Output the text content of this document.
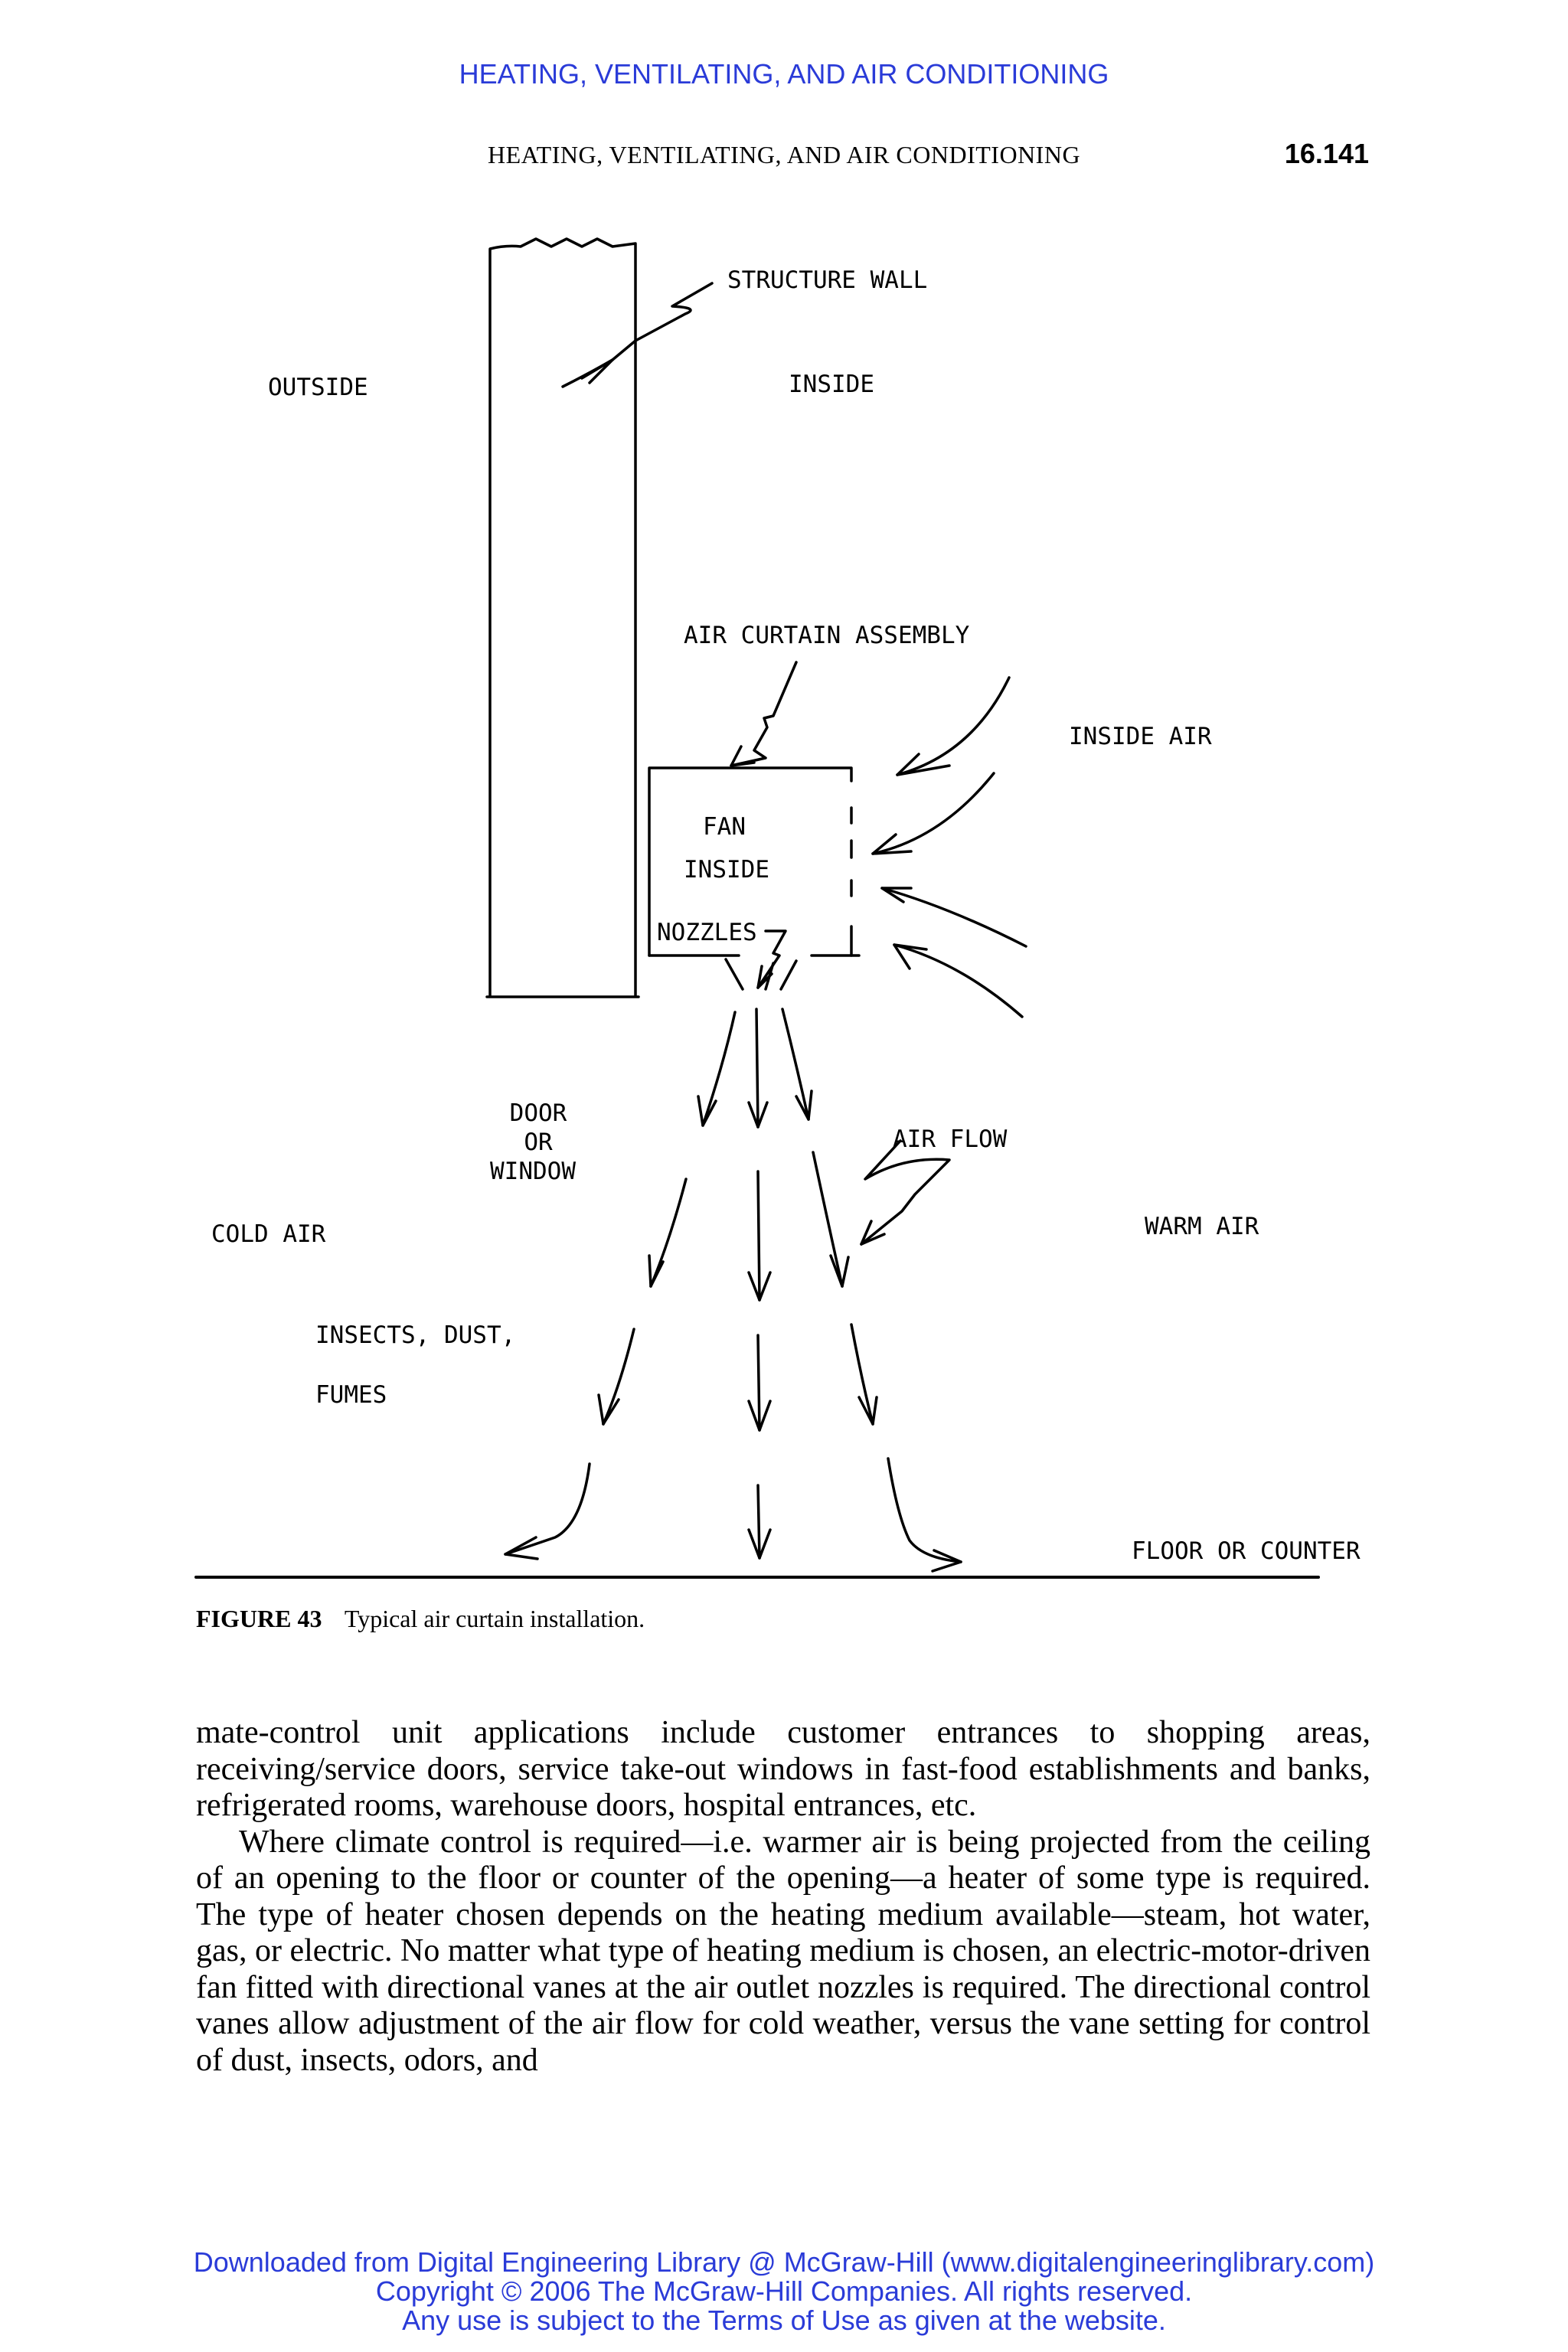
HEATING, VENTILATING, AND AIR CONDITIONING
HEATING, VENTILATING, AND AIR CONDITIONING	16.141
STRUCTURE WALL
OUTSIDE	INSIDE
AIR CURTAIN ASSEMBLY
INSIDE AIR
FAN
INSIDE
NOZZLES
DOOR
OR
WINDOW
AIR FLOW
COLD AIR	WARM AIR
INSECTS, DUST,
FUMES
FLOOR OR COUNTER
FIGURE 43 Typical air curtain installation.

mate-control unit applications include customer entrances to shopping areas, receiving/service doors, service take-out windows in fast-food establishments and banks, refrigerated rooms, warehouse doors, hospital entrances, etc.

Where climate control is required—i.e. warmer air is being projected from the ceiling of an opening to the floor or counter of the opening—a heater of some type is required. The type of heater chosen depends on the heating medium available—steam, hot water, gas, or electric. No matter what type of heating medium is chosen, an electric-motor-driven fan fitted with directional vanes at the air outlet nozzles is required. The directional control vanes allow adjustment of the air flow for cold weather, versus the vane setting for control of dust, insects, odors, and

Downloaded from Digital Engineering Library @ McGraw-Hill (www.digitalengineeringlibrary.com)
Copyright © 2006 The McGraw-Hill Companies. All rights reserved.
Any use is subject to the Terms of Use as given at the website.
